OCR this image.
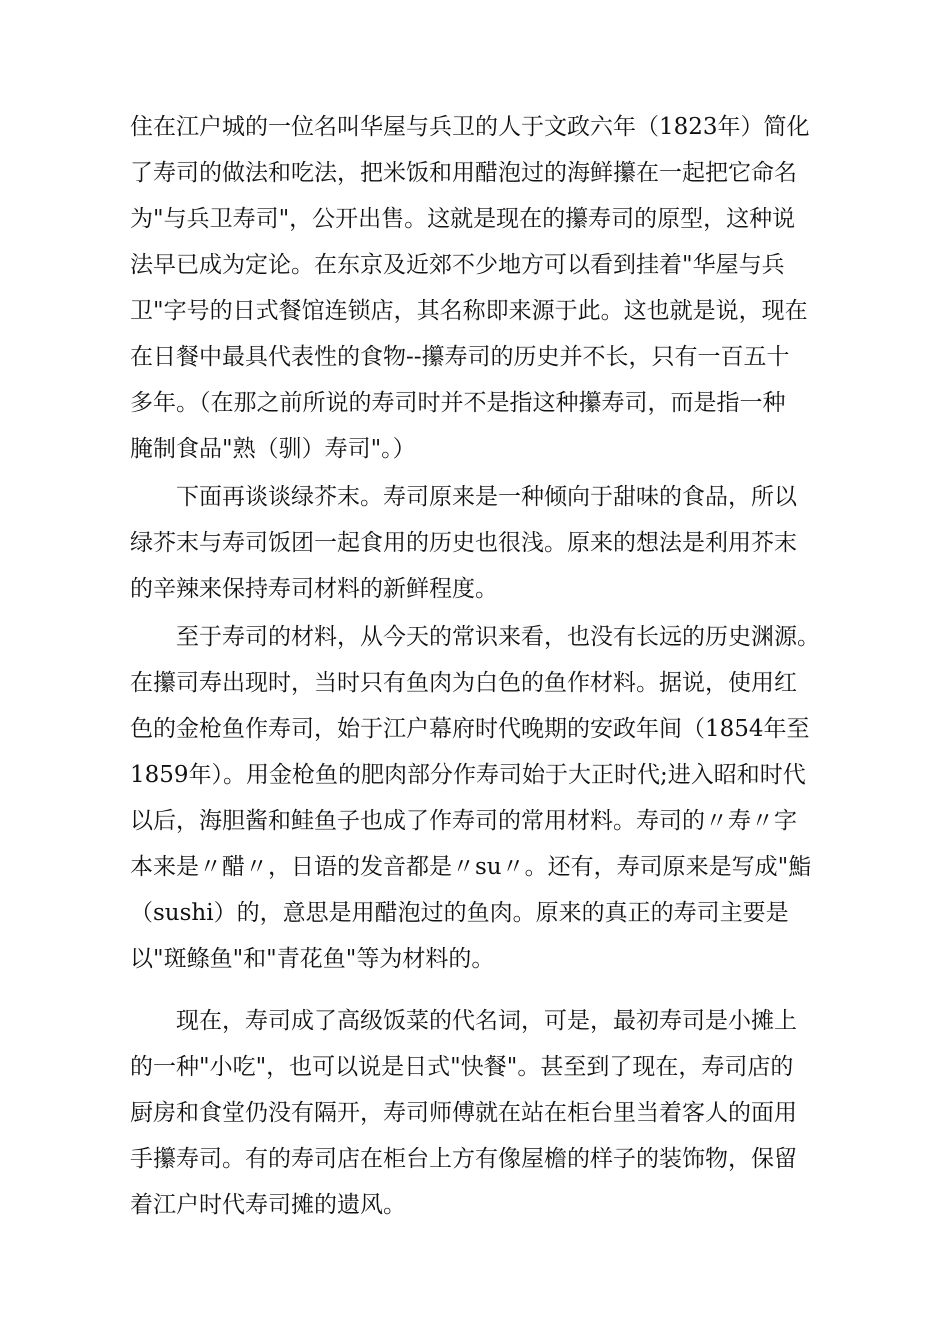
住在江户城的一位名叫华屋与兵卫的人于文政六年（1823年）简化
了寿司的做法和吃法，把米饭和用醋泡过的海鲜攥在一起把它命名
为"与兵卫寿司"，公开出售。这就是现在的攥寿司的原型，这种说
法早已成为定论。在东京及近郊不少地方可以看到挂着"华屋与兵
卫"字号的日式餐馆连锁店，其名称即来源于此。这也就是说，现在
在日餐中最具代表性的食物--攥寿司的历史并不长，只有一百五十
多年。（在那之前所说的寿司时并不是指这种攥寿司，而是指一种
腌制食品"熟（驯）寿司"。）
下面再谈谈绿芥末。寿司原来是一种倾向于甜味的食品，所以
绿芥末与寿司饭团一起食用的历史也很浅。原来的想法是利用芥末
的辛辣来保持寿司材料的新鲜程度。
至于寿司的材料，从今天的常识来看，也没有长远的历史渊源。
在攥司寿出现时，当时只有鱼肉为白色的鱼作材料。据说，使用红
色的金枪鱼作寿司，始于江户幕府时代晚期的安政年间（1854年至
1859年）。用金枪鱼的肥肉部分作寿司始于大正时代;进入昭和时代
以后，海胆酱和鲑鱼子也成了作寿司的常用材料。寿司的〃寿〃字
本来是〃醋〃，日语的发音都是〃su〃。还有，寿司原来是写成"鮨
（sushi）的，意思是用醋泡过的鱼肉。原来的真正的寿司主要是
以"斑鲦鱼"和"青花鱼"等为材料的。
现在，寿司成了高级饭菜的代名词，可是，最初寿司是小摊上
的一种"小吃"，也可以说是日式"快餐"。甚至到了现在，寿司店的
厨房和食堂仍没有隔开，寿司师傅就在站在柜台里当着客人的面用
手攥寿司。有的寿司店在柜台上方有像屋檐的样子的装饰物，保留
着江户时代寿司摊的遗风。
